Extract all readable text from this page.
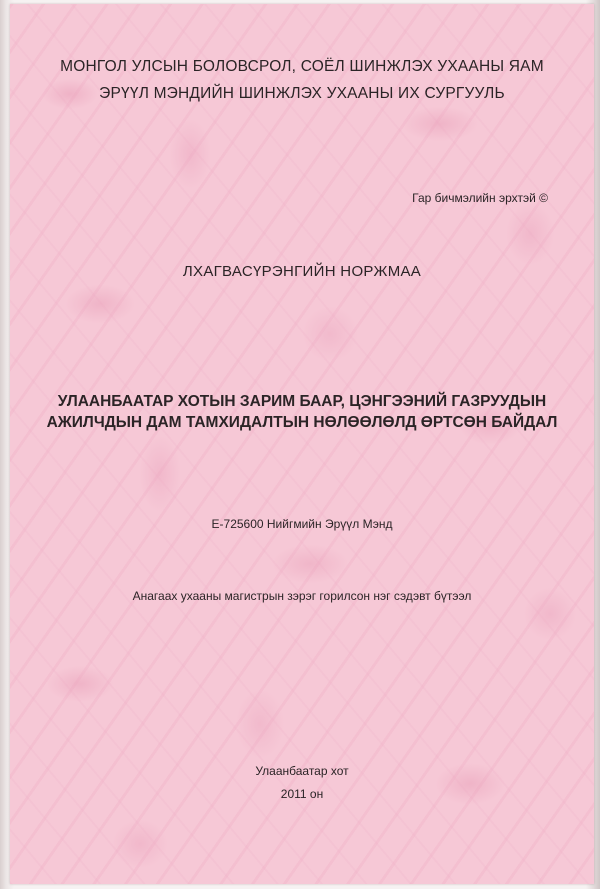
МОНГОЛ УЛСЫН БОЛОВСРОЛ, СОЁЛ ШИНЖЛЭХ УХААНЫ ЯАМ
ЭРҮҮЛ МЭНДИЙН ШИНЖЛЭХ УХААНЫ ИХ СУРГУУЛЬ
Гар бичмэлийн эрхтэй ©
ЛХАГВАСҮРЭНГИЙН НОРЖМАА
УЛААНБААТАР ХОТЫН ЗАРИМ БААР, ЦЭНГЭЭНИЙ ГАЗРУУДЫН
АЖИЛЧДЫН ДАМ ТАМХИДАЛТЫН НӨЛӨӨЛӨЛД ӨРТСӨН БАЙДАЛ
Е-725600 Нийгмийн Эрүүл Мэнд
Анагаах ухааны магистрын зэрэг горилсон нэг сэдэвт бүтээл
Улаанбаатар хот
2011 он
